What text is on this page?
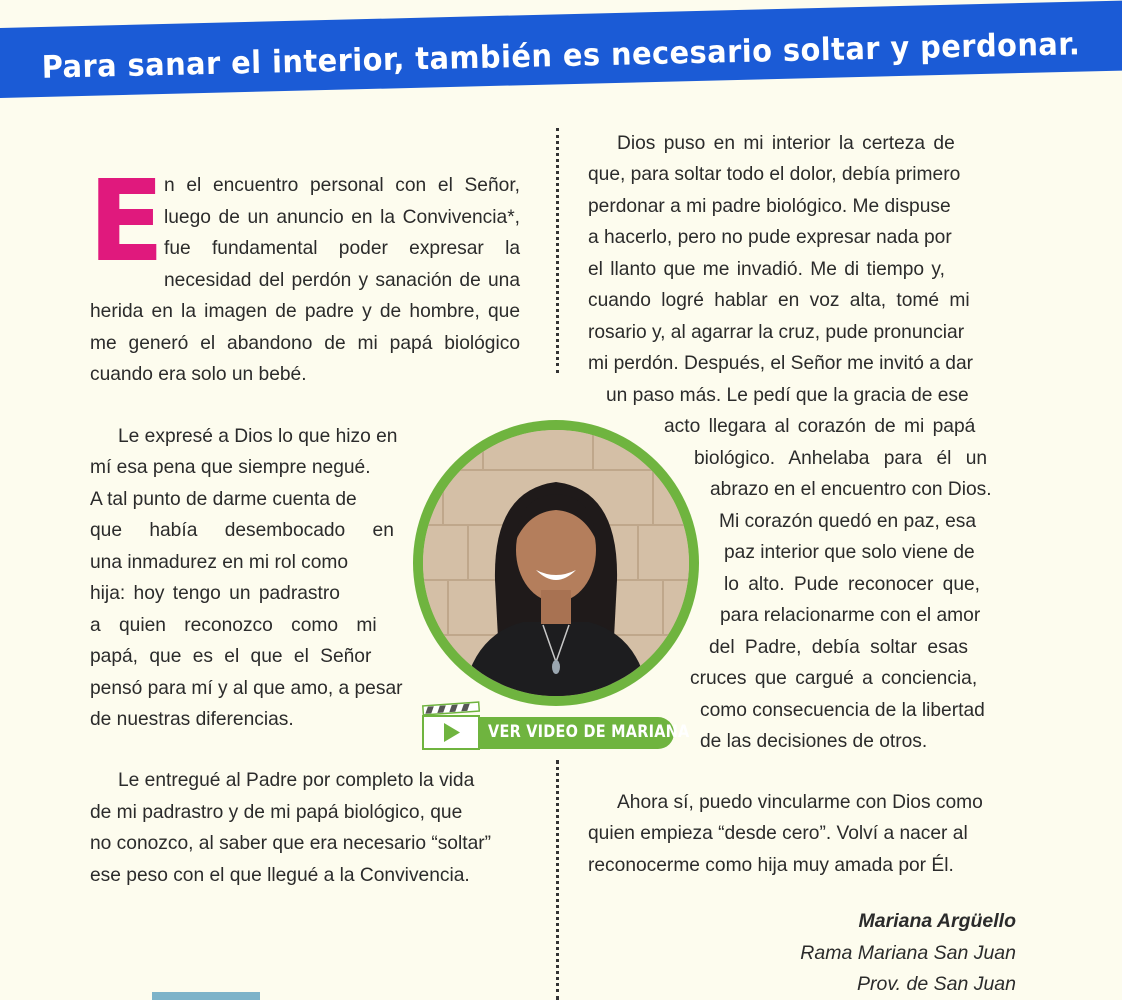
Para sanar el interior, también es necesario soltar y perdonar.
En el encuentro personal con el Señor, luego de un anuncio en la Convivencia*, fue fundamental poder expresar la necesidad del perdón y sanación de una herida en la imagen de padre y de hombre, que me generó el abandono de mi papá biológico cuando era solo un bebé.
Le expresé a Dios lo que hizo en
mí esa pena que siempre negué.
A tal punto de darme cuenta de
que había desembocado en
una inmadurez en mi rol como
hija: hoy tengo un padrastro
a quien reconozco como mi
papá, que es el que el Señor
pensó para mí y al que amo, a pesar
de nuestras diferencias.
Le entregué al Padre por completo la vida
de mi padrastro y de mi papá biológico, que
no conozco, al saber que era necesario “soltar”
ese peso con el que llegué a la Convivencia.
Dios puso en mi interior la certeza de
que, para soltar todo el dolor, debía primero
perdonar a mi padre biológico. Me dispuse
a hacerlo, pero no pude expresar nada por
el llanto que me invadió. Me di tiempo y,
cuando logré hablar en voz alta, tomé mi
rosario y, al agarrar la cruz, pude pronunciar
mi perdón. Después, el Señor me invitó a dar
un paso más. Le pedí que la gracia de ese
acto llegara al corazón de mi papá
biológico. Anhelaba para él un
abrazo en el encuentro con Dios.
Mi corazón quedó en paz, esa
paz interior que solo viene de
lo alto. Pude reconocer que,
para relacionarme con el amor
del Padre, debía soltar esas
cruces que cargué a conciencia,
como consecuencia de la libertad
de las decisiones de otros.
Ahora sí, puedo vincularme con Dios como
quien empieza “desde cero”. Volví a nacer al
reconocerme como hija muy amada por Él.
VER VIDEO DE MARIANA
Mariana Argüello
Rama Mariana San Juan
Prov. de San Juan
